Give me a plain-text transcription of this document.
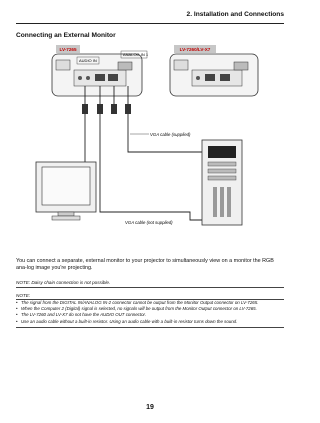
2. Installation and Connections
Connecting an External Monitor
LV-7265
AUDIO IN
ANALOG IN 1
LV-7260/LV-X7
VGA cable (supplied)
VGA cable (not supplied)
You can connect a separate, external monitor to your projector to simultaneously view on a monitor the RGB ana-log image you're projecting.
NOTE: Daisy chain connection is not possible.
NOTE:
• The signal from the DIGITAL IN/ANALOG IN-2 connector cannot be output from the Monitor Output connector on LV-7265.
• When the Computer 2 (Digital) signal is selected, no signals will be output from the Monitor Output connector on LV-7265.
• The LV-7260 and LV-X7 do not have the AUDIO OUT connector.
• Use an audio cable without a built-in resistor. Using an audio cable with a built-in resistor turns down the sound.
19
